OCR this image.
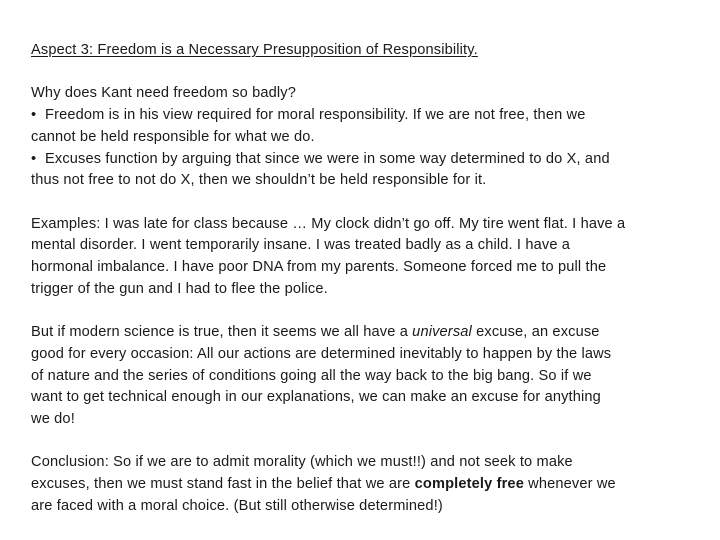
Aspect 3: Freedom is a Necessary Presupposition of Responsibility.
Why does Kant need freedom so badly?
• Freedom is in his view required for moral responsibility. If we are not free, then we
cannot be held responsible for what we do.
• Excuses function by arguing that since we were in some way determined to do X, and
thus not free to not do X, then we shouldn’t be held responsible for it.
Examples: I was late for class because … My clock didn’t go off. My tire went flat. I have a
mental disorder. I went temporarily insane. I was treated badly as a child. I have a
hormonal imbalance. I have poor DNA from my parents. Someone forced me to pull the
trigger of the gun and I had to flee the police.
But if modern science is true, then it seems we all have a universal excuse, an excuse
good for every occasion: All our actions are determined inevitably to happen by the laws
of nature and the series of conditions going all the way back to the big bang. So if we
want to get technical enough in our explanations, we can make an excuse for anything
we do!
Conclusion: So if we are to admit morality (which we must!!) and not seek to make
excuses, then we must stand fast in the belief that we are completely free whenever we
are faced with a moral choice. (But still otherwise determined!)
